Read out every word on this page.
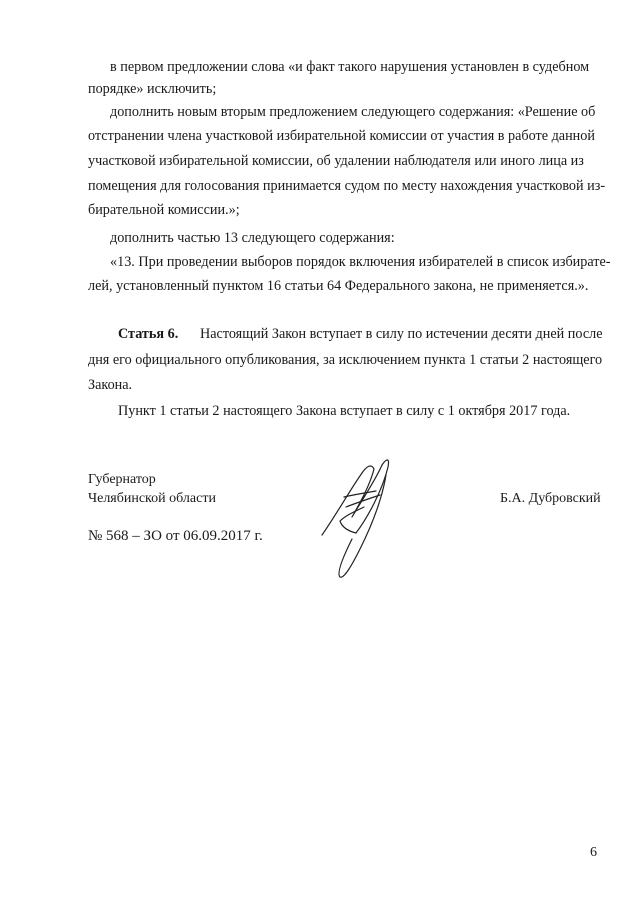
в первом предложении слова «и факт такого нарушения установлен в судебном
порядке» исключить;
дополнить новым вторым предложением следующего содержания: «Решение об
отстранении члена участковой избирательной комиссии от участия в работе данной
участковой избирательной комиссии, об удалении наблюдателя или иного лица из
помещения для голосования принимается судом по месту нахождения участковой из-
бирательной комиссии.»;
дополнить частью 13 следующего содержания:
«13. При проведении выборов порядок включения избирателей в список избирате-
лей, установленный пунктом 16 статьи 64 Федерального закона, не применяется.».
Статья 6. Настоящий Закон вступает в силу по истечении десяти дней после
дня его официального опубликования, за исключением пункта 1 статьи 2 настоящего
Закона.
Пункт 1 статьи 2 настоящего Закона вступает в силу с 1 октября 2017 года.
Губернатор
Челябинской области	Б.А. Дубровский
№ 568 – ЗО от 06.09.2017 г.
6
